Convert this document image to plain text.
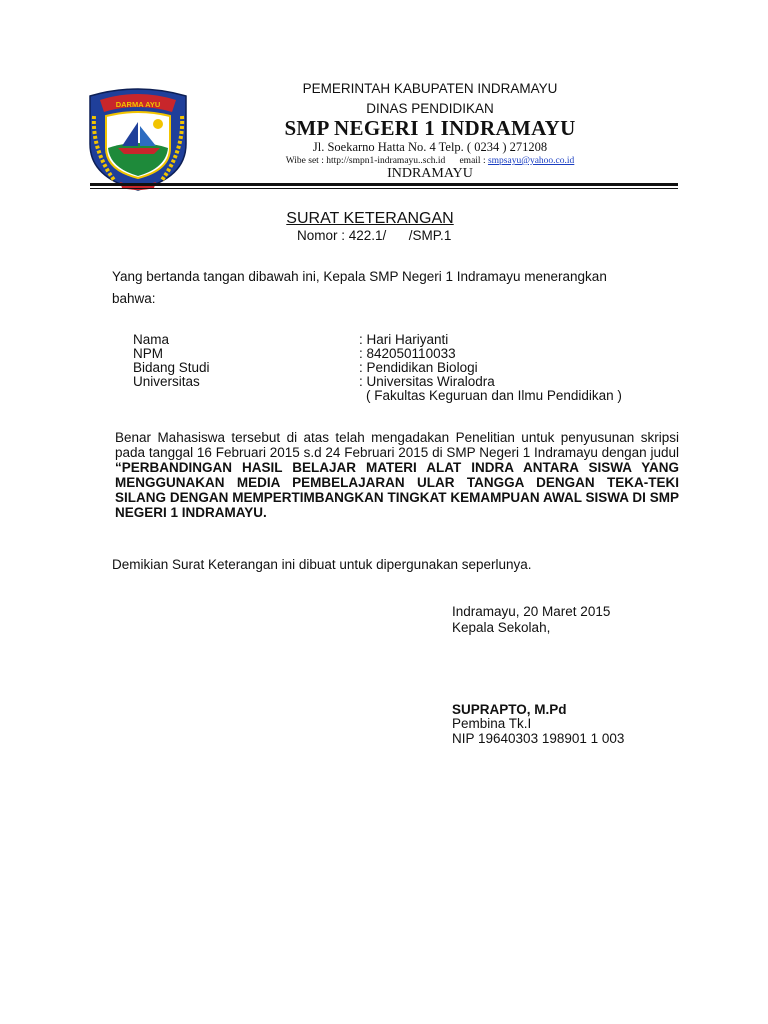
DARMA AYU
PEMERINTAH KABUPATEN INDRAMAYU
DINAS PENDIDIKAN
SMP NEGERI 1 INDRAMAYU
Jl. Soekarno Hatta No. 4 Telp. ( 0234 ) 271208
Wibe set : http://smpn1-indramayu..sch.id email : smpsayu@yahoo.co.id
INDRAMAYU
SURAT KETERANGAN
Nomor : 422.1/      /SMP.1
Yang bertanda tangan dibawah ini, Kepala SMP Negeri 1 Indramayu menerangkan
bahwa:
Nama	: Hari Hariyanti
NPM	: 842050110033
Bidang Studi	: Pendidikan Biologi
Universitas	: Universitas Wiralodra
( Fakultas Keguruan dan Ilmu Pendidikan )
Benar Mahasiswa tersebut di atas telah mengadakan Penelitian untuk penyusunan skripsi pada tanggal 16 Februari 2015 s.d 24 Februari 2015 di SMP Negeri 1 Indramayu dengan judul “PERBANDINGAN HASIL BELAJAR MATERI ALAT INDRA ANTARA SISWA YANG MENGGUNAKAN MEDIA PEMBELAJARAN ULAR TANGGA DENGAN TEKA-TEKI SILANG DENGAN MEMPERTIMBANGKAN TINGKAT KEMAMPUAN AWAL SISWA DI SMP NEGERI 1 INDRAMAYU.
Demikian Surat Keterangan ini dibuat untuk dipergunakan seperlunya.
Indramayu, 20 Maret 2015
Kepala Sekolah,
SUPRAPTO, M.Pd
Pembina Tk.I
NIP 19640303 198901 1 003
